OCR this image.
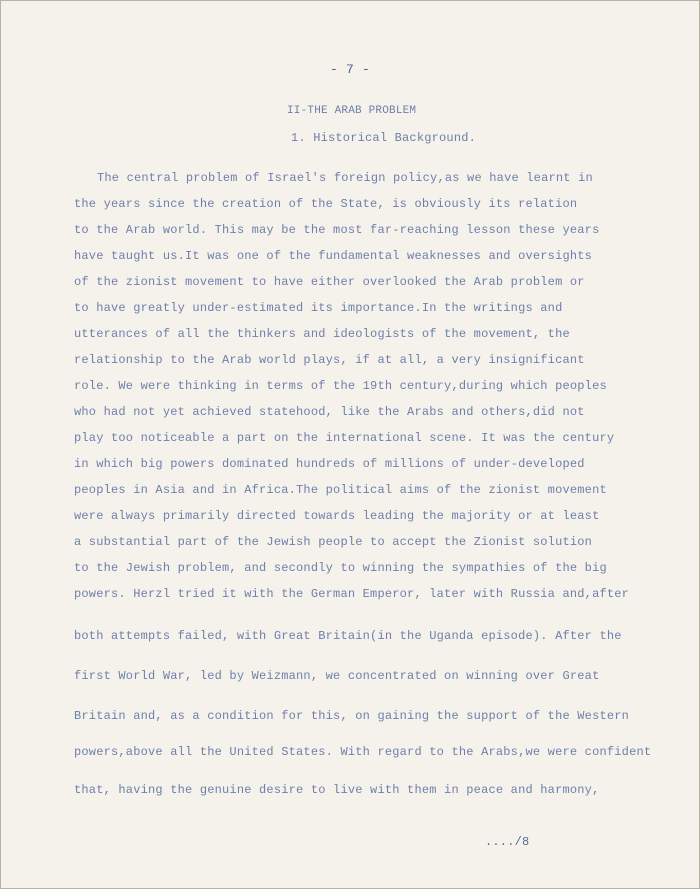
- 7 -
II-THE ARAB PROBLEM
1. Historical Background.
The central problem of Israel's foreign policy,as we have learnt in
the years since the creation of the State, is obviously its relation
to the Arab world. This may be the most far-reaching lesson these years
have taught us.It was one of the fundamental weaknesses and oversights
of the zionist movement to have either overlooked the Arab problem or
to have greatly under-estimated its importance.In the writings and
utterances of all the thinkers and ideologists of the movement, the
relationship to the Arab world plays, if at all, a very insignificant
role. We were thinking in terms of the 19th century,during which peoples
who had not yet achieved statehood, like the Arabs and others,did not
play too noticeable a part on the international scene. It was the century
in which big powers dominated hundreds of millions of under-developed
peoples in Asia and in Africa.The political aims of the zionist movement
were always primarily directed towards leading the majority or at least
a substantial part of the Jewish people to accept the Zionist solution
to the Jewish problem, and secondly to winning the sympathies of the big
powers. Herzl tried it with the German Emperor, later with Russia and,after
both attempts failed, with Great Britain(in the Uganda episode). After the
first World War, led by Weizmann, we concentrated on winning over Great
Britain and, as a condition for this, on gaining the support of the Western
powers,above all the United States. With regard to the Arabs,we were confident
that, having the genuine desire to live with them in peace and harmony,
..../8
